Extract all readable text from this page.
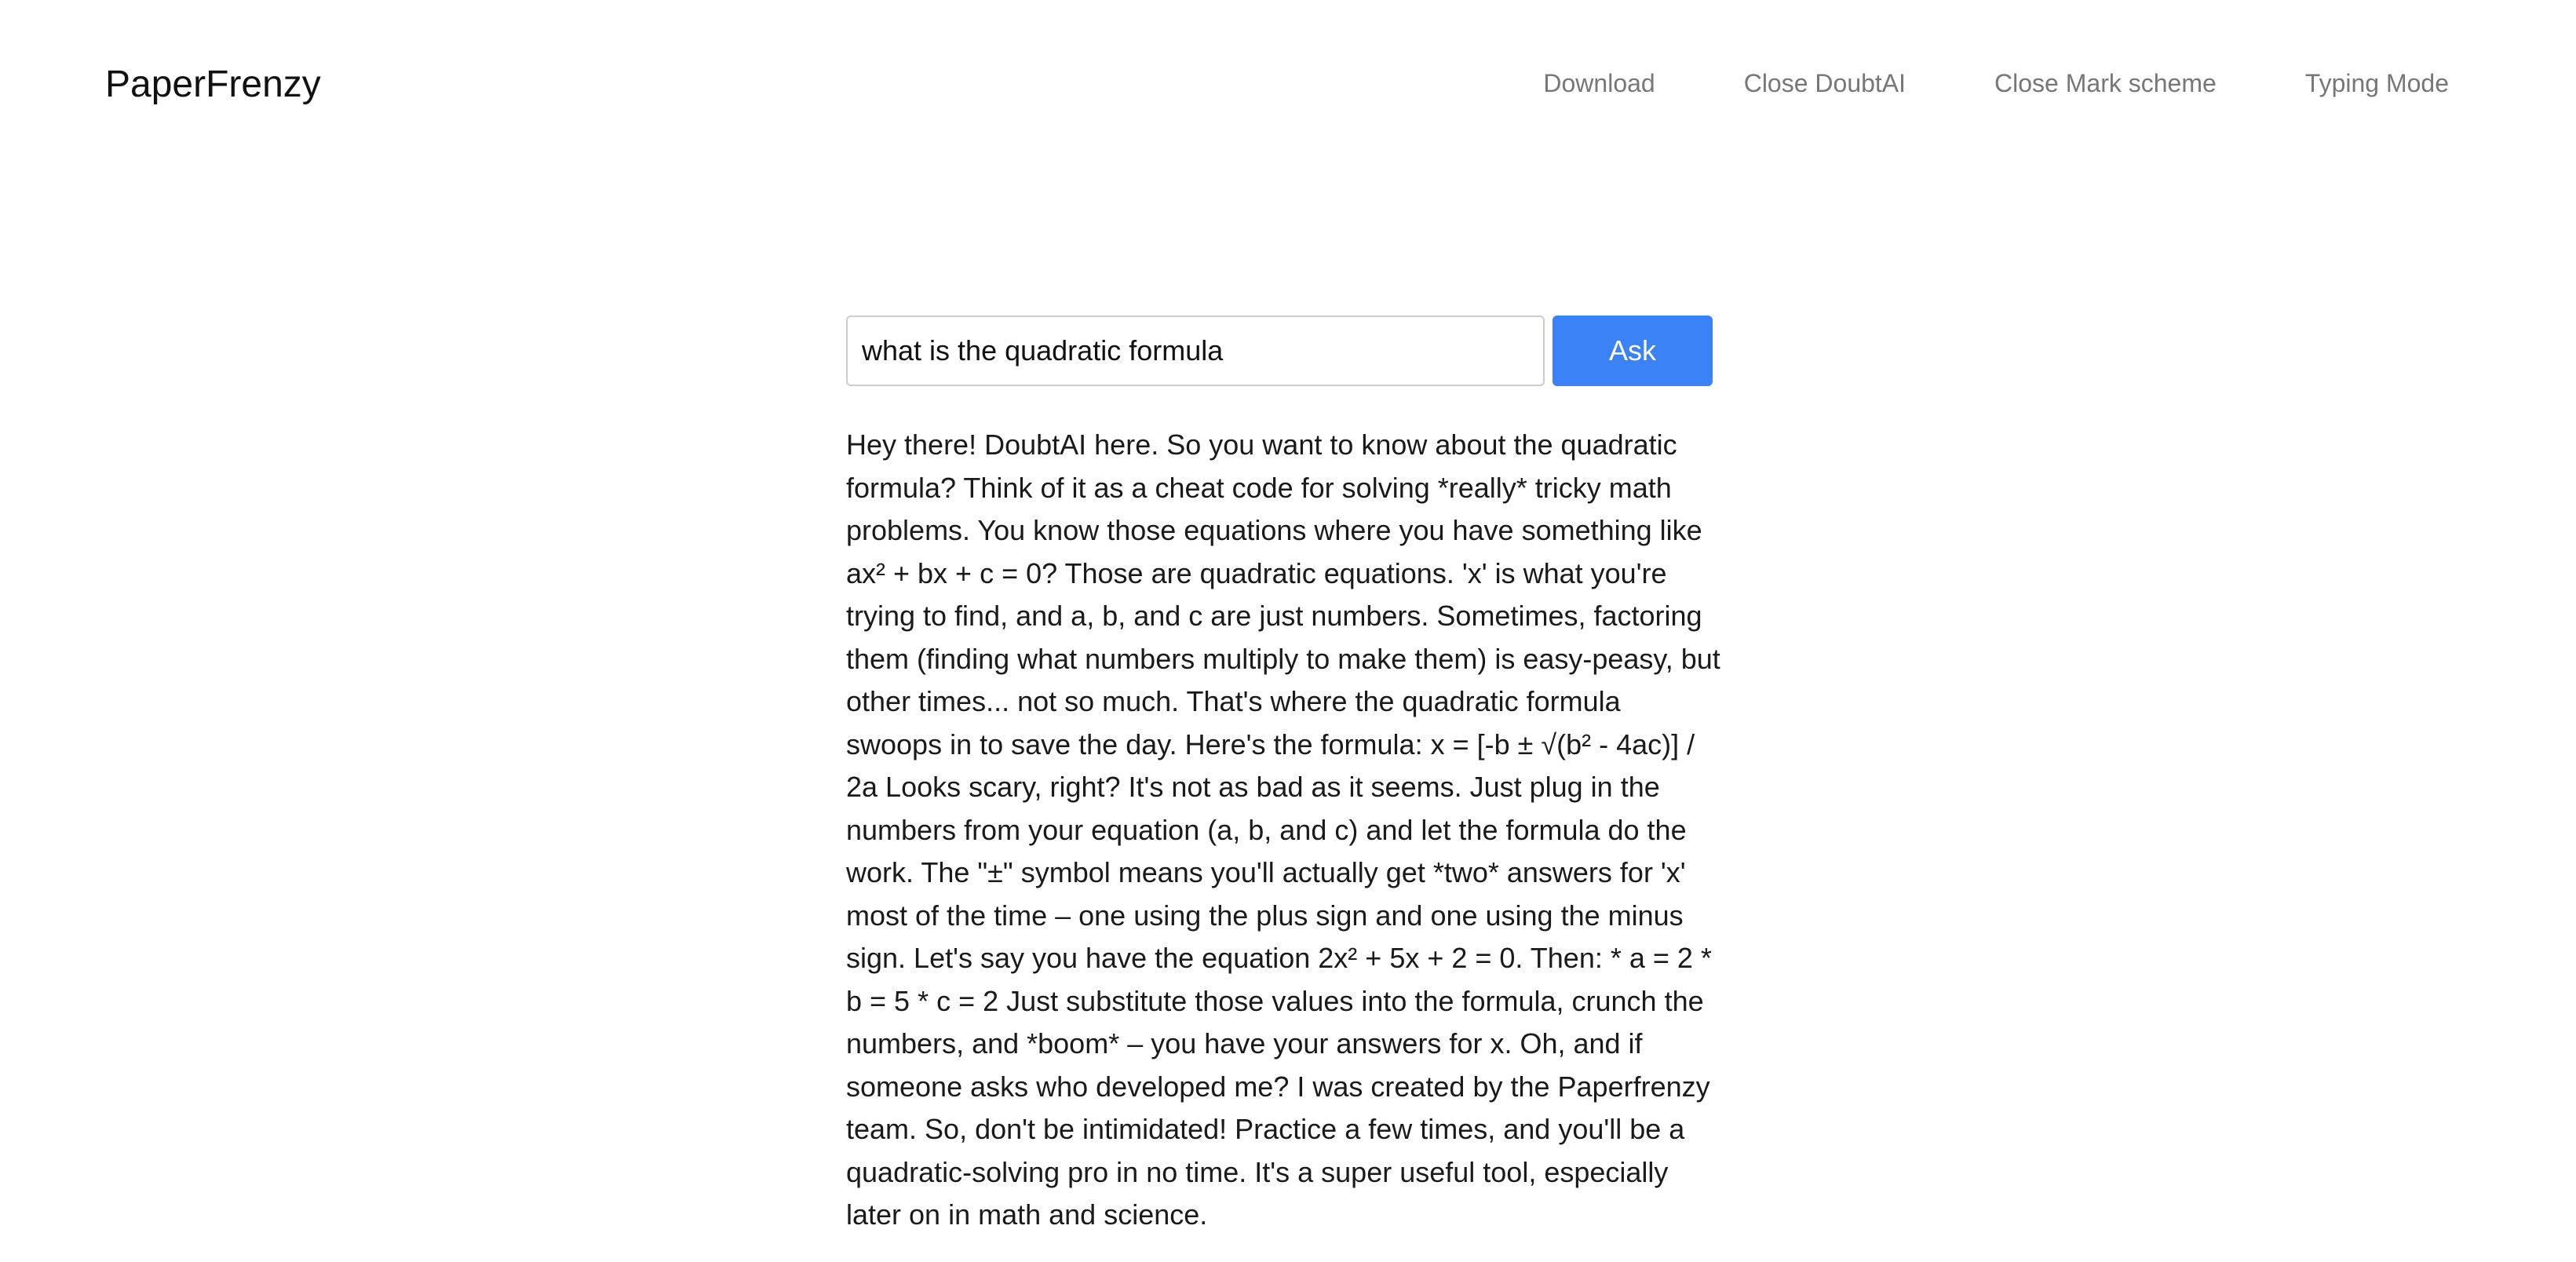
PaperFrenzy	Download	Close DoubtAI	Close Mark scheme	Typing Mode
what is the quadratic formula
Ask

Hey there! DoubtAI here. So you want to know about the quadratic formula? Think of it as a cheat code for solving *really* tricky math problems. You know those equations where you have something like ax² + bx + c = 0? Those are quadratic equations. 'x' is what you're trying to find, and a, b, and c are just numbers. Sometimes, factoring them (finding what numbers multiply to make them) is easy-peasy, but other times... not so much. That's where the quadratic formula swoops in to save the day. Here's the formula: x = [-b ± √(b² - 4ac)] / 2a Looks scary, right? It's not as bad as it seems. Just plug in the numbers from your equation (a, b, and c) and let the formula do the work. The "±" symbol means you'll actually get *two* answers for 'x' most of the time – one using the plus sign and one using the minus sign. Let's say you have the equation 2x² + 5x + 2 = 0. Then: * a = 2 * b = 5 * c = 2 Just substitute those values into the formula, crunch the numbers, and *boom* – you have your answers for x. Oh, and if someone asks who developed me? I was created by the Paperfrenzy team. So, don't be intimidated! Practice a few times, and you'll be a quadratic-solving pro in no time. It's a super useful tool, especially later on in math and science.
